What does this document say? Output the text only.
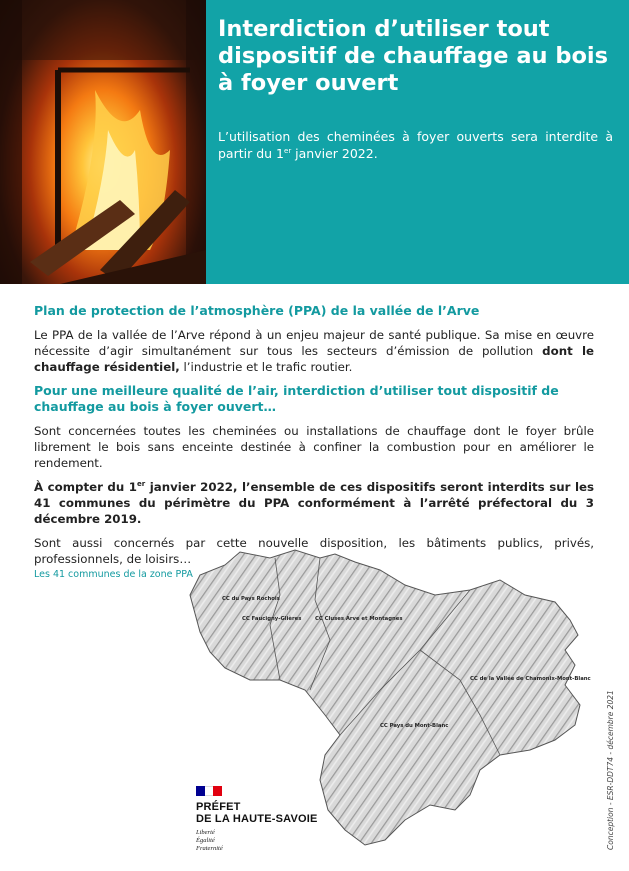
Interdiction d’utiliser tout dispositif de chauffage au bois à foyer ouvert

L’utilisation des cheminées à foyer ouverts sera interdite à partir du 1er janvier 2022.

Plan de protection de l’atmosphère (PPA) de la vallée de l’Arve

Le PPA de la vallée de l’Arve répond à un enjeu majeur de santé publique. Sa mise en œuvre nécessite d’agir simultanément sur tous les secteurs d’émission de pollution dont le chauffage résidentiel, l’industrie et le trafic routier.

Pour une meilleure qualité de l’air, interdiction d’utiliser tout dispositif de chauffage au bois à foyer ouvert…

Sont concernées toutes les cheminées ou installations de chauffage dont le foyer brûle librement le bois sans enceinte destinée à confiner la combustion pour en améliorer le rendement.

À compter du 1er janvier 2022, l’ensemble de ces dispositifs seront interdits sur les 41 communes du périmètre du PPA conformément à l’arrêté préfectoral du 3 décembre 2019.

Sont aussi concernés par cette nouvelle disposition, les bâtiments publics, privés, professionnels, de loisirs…

Les 41 communes de la zone PPA
CC du Pays Rochois
CC Faucigny-Glières	CC Cluses Arve et Montagnes
CC de la Vallée de Chamonix-Mont-Blanc
CC Pays du Mont-Blanc
PRÉFET
DE LA HAUTE-SAVOIE
Liberté
Égalité
Fraternité	Conception - ESR-DDT74 - décembre 2021
